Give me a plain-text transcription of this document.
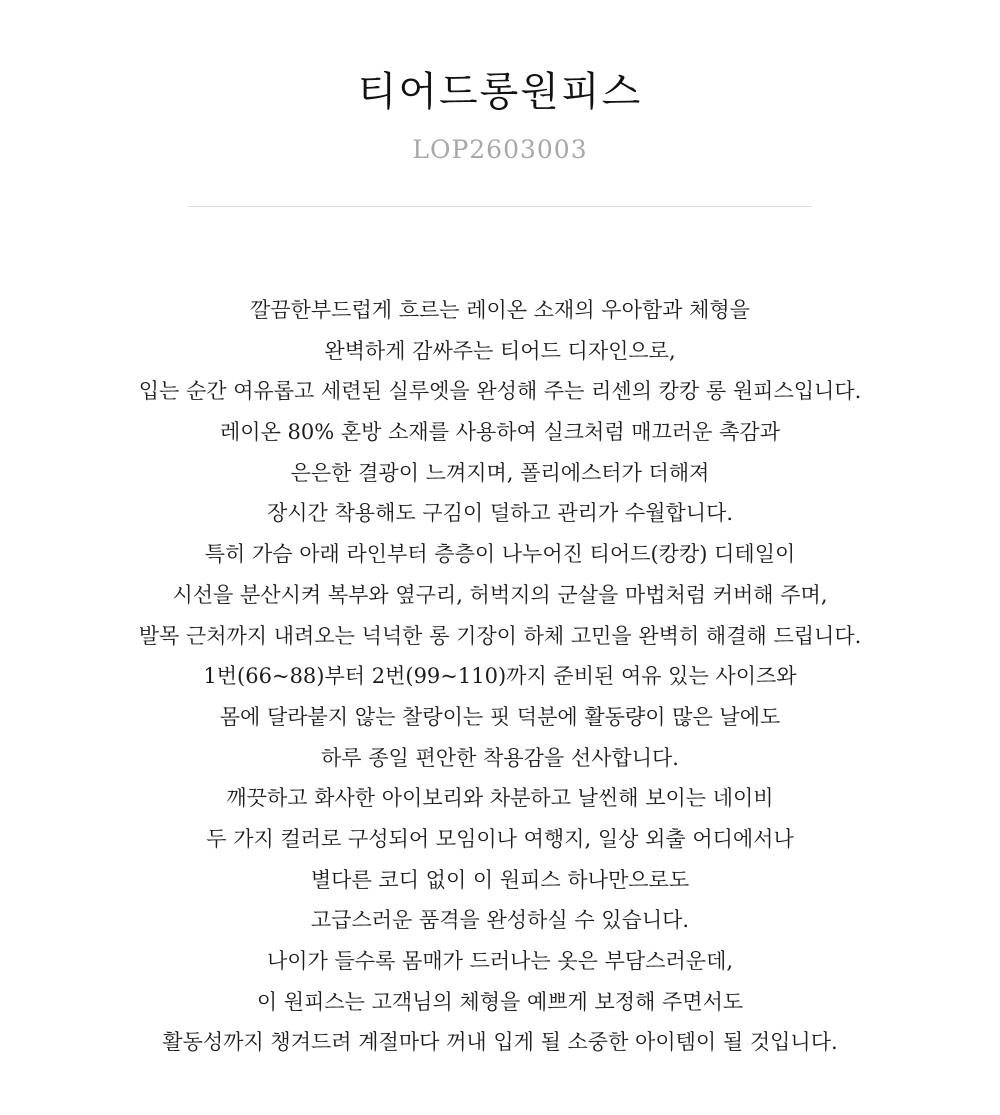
티어드롱원피스

LOP2603003

깔끔한부드럽게 흐르는 레이온 소재의 우아함과 체형을
완벽하게 감싸주는 티어드 디자인으로,
입는 순간 여유롭고 세련된 실루엣을 완성해 주는 리센의 캉캉 롱 원피스입니다.
레이온 80% 혼방 소재를 사용하여 실크처럼 매끄러운 촉감과
은은한 결광이 느껴지며, 폴리에스터가 더해져
장시간 착용해도 구김이 덜하고 관리가 수월합니다.
특히 가슴 아래 라인부터 층층이 나누어진 티어드(캉캉) 디테일이
시선을 분산시켜 복부와 옆구리, 허벅지의 군살을 마법처럼 커버해 주며,
발목 근처까지 내려오는 넉넉한 롱 기장이 하체 고민을 완벽히 해결해 드립니다.
1번(66~88)부터 2번(99~110)까지 준비된 여유 있는 사이즈와
몸에 달라붙지 않는 찰랑이는 핏 덕분에 활동량이 많은 날에도
하루 종일 편안한 착용감을 선사합니다.
깨끗하고 화사한 아이보리와 차분하고 날씬해 보이는 네이비
두 가지 컬러로 구성되어 모임이나 여행지, 일상 외출 어디에서나
별다른 코디 없이 이 원피스 하나만으로도
고급스러운 품격을 완성하실 수 있습니다.
나이가 들수록 몸매가 드러나는 옷은 부담스러운데,
이 원피스는 고객님의 체형을 예쁘게 보정해 주면서도
활동성까지 챙겨드려 계절마다 꺼내 입게 될 소중한 아이템이 될 것입니다.
